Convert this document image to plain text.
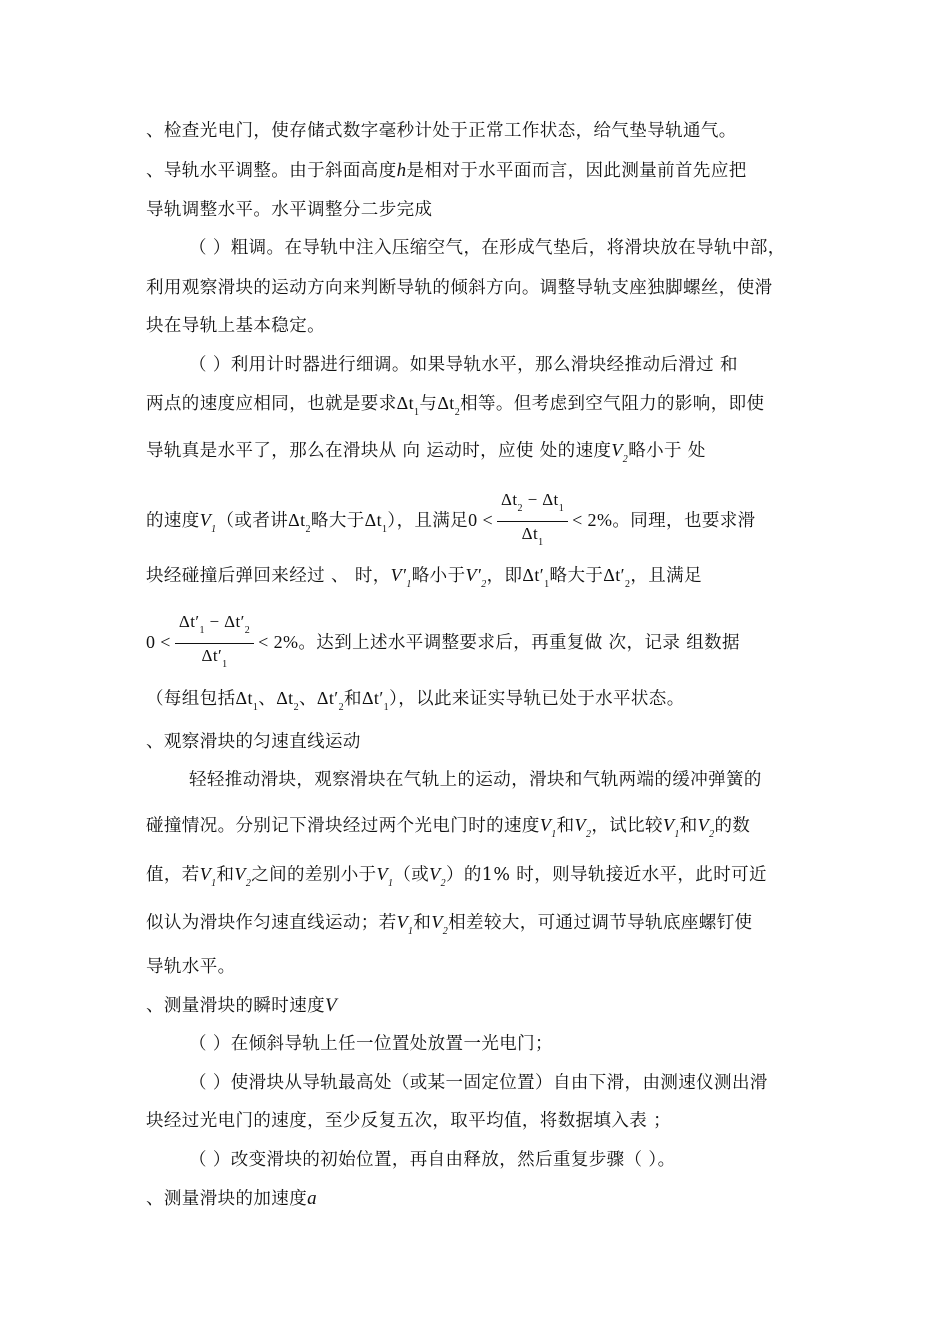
、检查光电门，使存储式数字毫秒计处于正常工作状态，给气垫导轨通气。
、导轨水平调整。由于斜面高度h是相对于水平面而言，因此测量前首先应把
导轨调整水平。水平调整分二步完成
（ ）粗调。在导轨中注入压缩空气，在形成气垫后，将滑块放在导轨中部，
利用观察滑块的运动方向来判断导轨的倾斜方向。调整导轨支座独脚螺丝，使滑
块在导轨上基本稳定。
（ ）利用计时器进行细调。如果导轨水平，那么滑块经推动后滑过 和
两点的速度应相同，也就是要求$\Delta t_1$与$\Delta t_2$相等。但考虑到空气阻力的影响，即使
导轨真是水平了，那么在滑块从 向 运动时，应使 处的速度$V_2$略小于 处
的速度$V_1$（或者讲$\Delta t_2$略大于$\Delta t_1$），且满足$0 < \frac{\Delta t_2 - \Delta t_1}{\Delta t_1} < 2\%$。同理，也要求滑
块经碰撞后弹回来经过 、 时，$V'_1$略小于$V'_2$，即$\Delta t'_1$略大于$\Delta t'_2$，且满足
$0 < \frac{\Delta t'_1 - \Delta t'_2}{\Delta t'_1} < 2\%$。达到上述水平调整要求后，再重复做 次，记录 组数据
（每组包括$\Delta t_1$、$\Delta t_2$、$\Delta t'_2$和$\Delta t'_1$），以此来证实导轨已处于水平状态。
、观察滑块的匀速直线运动
轻轻推动滑块，观察滑块在气轨上的运动，滑块和气轨两端的缓冲弹簧的
碰撞情况。分别记下滑块经过两个光电门时的速度$V_1$和$V_2$，试比较$V_1$和$V_2$的数
值，若$V_1$和$V_2$之间的差别小于$V_1$（或$V_2$）的1% 时，则导轨接近水平，此时可近
似认为滑块作匀速直线运动；若$V_1$和$V_2$相差较大，可通过调节导轨底座螺钉使
导轨水平。
、测量滑块的瞬时速度V
（ ）在倾斜导轨上任一位置处放置一光电门；
（ ）使滑块从导轨最高处（或某一固定位置）自由下滑，由测速仪测出滑
块经过光电门的速度，至少反复五次，取平均值，将数据填入表 ；
（ ）改变滑块的初始位置，再自由释放，然后重复步骤（ ）。
、测量滑块的加速度a
